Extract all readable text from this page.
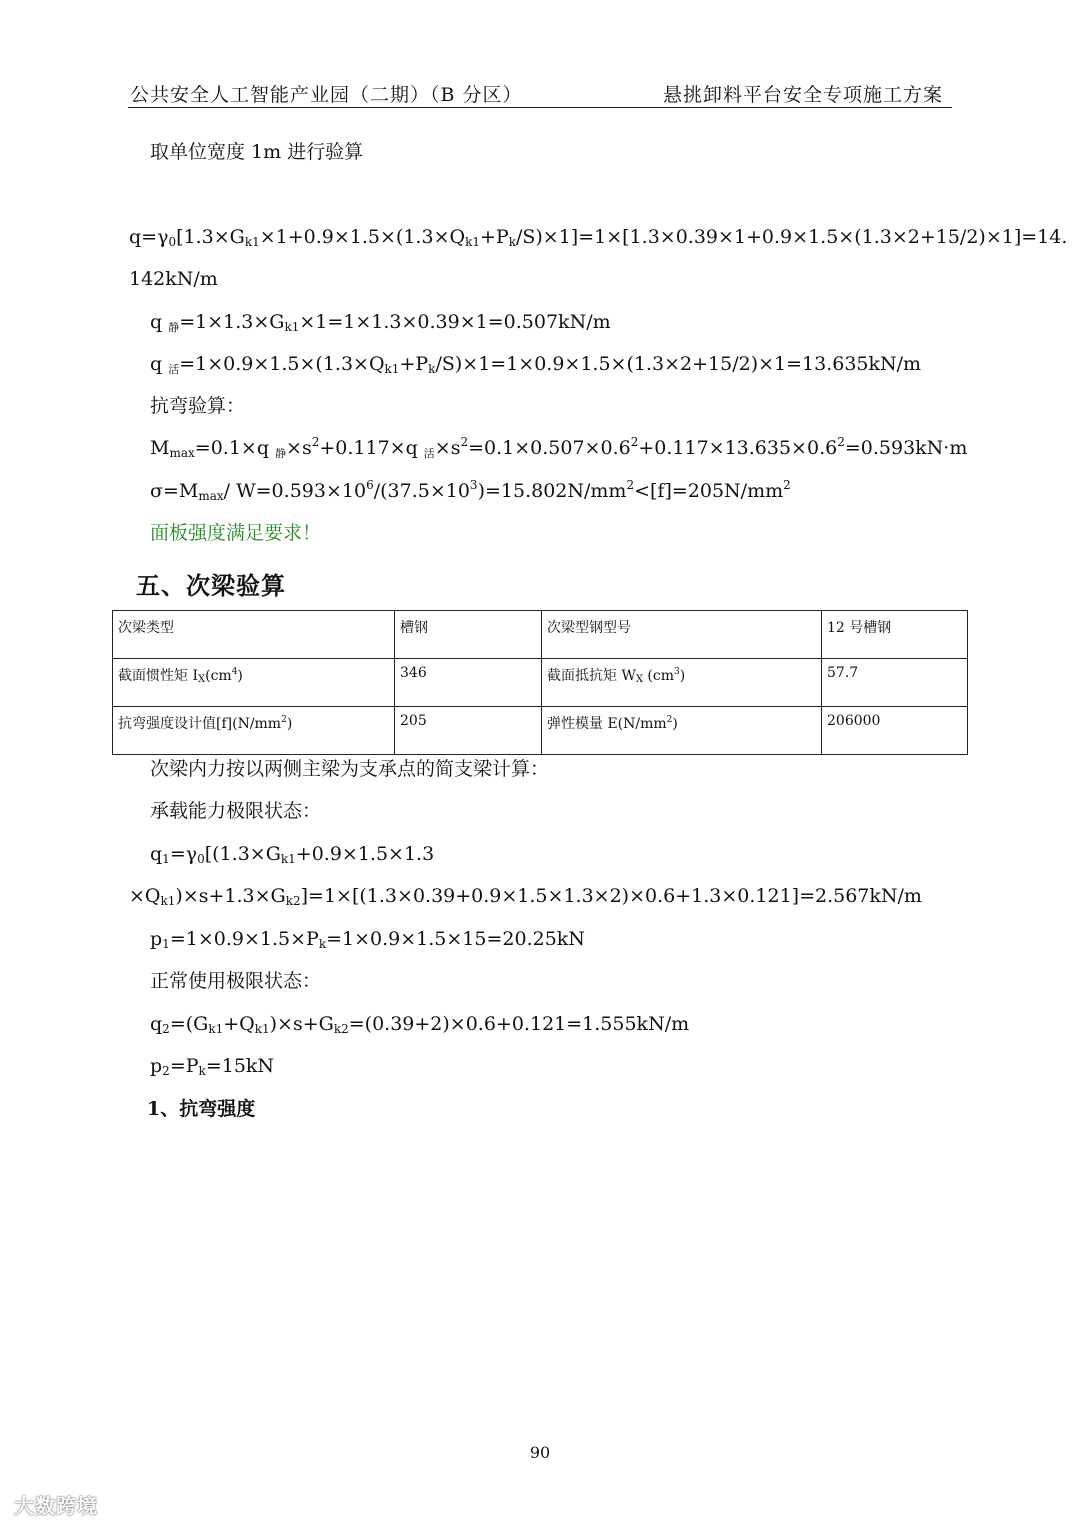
公共安全人工智能产业园（二期）（B 分区）	悬挑卸料平台安全专项施工方案
取单位宽度 1m 进行验算
$q=\gamma_0[1.3\times G_{k1}\times 1+0.9\times 1.5\times(1.3\times Q_{k1}+P_k/S)\times 1]=1\times[1.3\times 0.39\times 1+0.9\times 1.5\times(1.3\times 2+15/2)\times 1]=14$.
142kN/m
q $_静=1\times 1.3\times G_{k1}\times 1=1\times 1.3\times 0.39\times 1=0.507kN/m$
q $_活=1\times 0.9\times 1.5\times(1.3\times Q_{k1}+P_k/S)\times 1=1\times 0.9\times 1.5\times(1.3\times 2+15/2)\times 1=13.635kN/m$
抗弯验算：
$M_{max}=0.1\times q$ $_静\times s^2+0.117\times q$ $_活\times s^2=0.1\times 0.507\times 0.6^2+0.117\times 13.635\times 0.6^2=0.593kN\cdot m$
$\sigma=M_{max}/$ $W=0.593\times 10^6/(37.5\times 10^3)=15.802N/mm^2<[f]=205N/mm^2$
面板强度满足要求！
五、次梁验算
次梁类型	槽钢	次梁型钢型号	12 号槽钢
截面惯性矩 $I_X(cm^4)$	346	截面抵抗矩 $W_X$ $(cm^3)$	57.7
抗弯强度设计值$[f](N/mm^2)$	205	弹性模量 $E(N/mm^2)$	206000
次梁内力按以两侧主梁为支承点的简支梁计算：
承载能力极限状态：
$q_1=\gamma_0[(1.3\times G_{k1}+0.9\times 1.5\times 1.3$
$\times Q_{k1})\times s+1.3\times G_{k2}]=1\times[(1.3\times 0.39+0.9\times 1.5\times 1.3\times 2)\times 0.6+1.3\times 0.121]=2.567kN/m$
$p_1=1\times 0.9\times 1.5\times P_k=1\times 0.9\times 1.5\times 15=20.25kN$
正常使用极限状态：
$q_2=(G_{k1}+Q_{k1})\times s+G_{k2}=(0.39+2)\times 0.6+0.121=1.555kN/m$
$p_2=P_k=15kN$
1、抗弯强度
90
大数跨境
